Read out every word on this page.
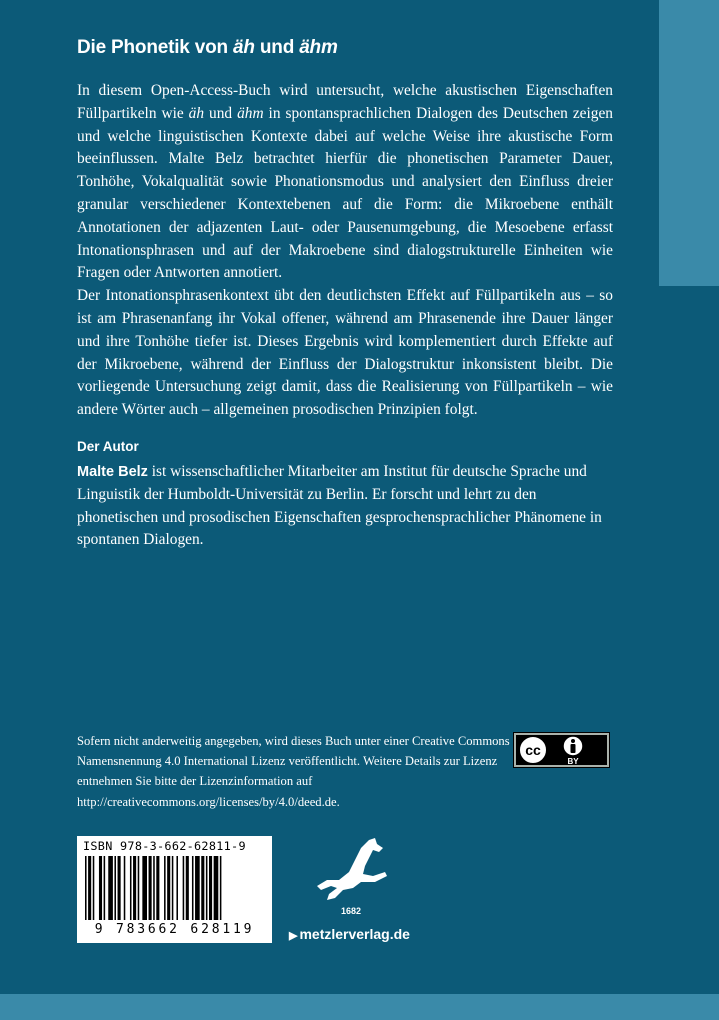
Die Phonetik von äh und ähm

In diesem Open-Access-Buch wird untersucht, welche akustischen Eigenschaften Füllpartikeln wie äh und ähm in spontansprachlichen Dialogen des Deutschen zeigen und welche linguistischen Kontexte dabei auf welche Weise ihre akustische Form beeinflussen. Malte Belz betrachtet hierfür die phonetischen Parameter Dauer, Tonhöhe, Vokalqualität sowie Phonationsmodus und analysiert den Einfluss dreier granular verschiedener Kontextebenen auf die Form: die Mikroebene enthält Annotationen der adjazenten Laut- oder Pausenumgebung, die Mesoebene erfasst Intonationsphrasen und auf der Makroebene sind dialogstrukturelle Einheiten wie Fragen oder Antworten annotiert.

Der Intonationsphrasenkontext übt den deutlichsten Effekt auf Füllpartikeln aus – so ist am Phrasenanfang ihr Vokal offener, während am Phrasenende ihre Dauer länger und ihre Tonhöhe tiefer ist. Dieses Ergebnis wird komplementiert durch Effekte auf der Mikroebene, während der Einfluss der Dialogstruktur inkonsistent bleibt. Die vorliegende Untersuchung zeigt damit, dass die Realisierung von Füllpartikeln – wie andere Wörter auch – allgemeinen prosodischen Prinzipien folgt.

Der Autor
Malte Belz ist wissenschaftlicher Mitarbeiter am Institut für deutsche Sprache und Linguistik der Humboldt-Universität zu Berlin. Er forscht und lehrt zu den phonetischen und prosodischen Eigenschaften gesprochensprachlicher Phänomene in spontanen Dialogen.
Sofern nicht anderweitig angegeben, wird dieses Buch unter einer Creative Commons Namensnennung 4.0 International Lizenz veröffentlicht. Weitere Details zur Lizenz entnehmen Sie bitte der Lizenzinformation auf http://creativecommons.org/licenses/by/4.0/deed.de.
cc
BY
ISBN 978-3-662-62811-9
9 783662 628119
1682
▶ metzlerverlag.de
